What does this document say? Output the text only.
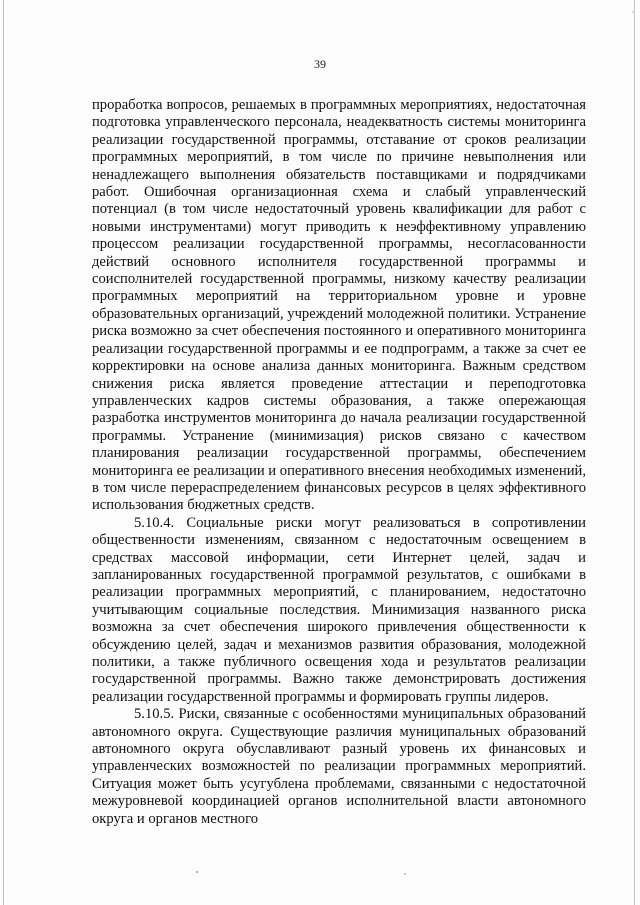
39

проработка вопросов, решаемых в программных мероприятиях, недостаточная подготовка управленческого персонала, неадекватность системы мониторинга реализации государственной программы, отставание от сроков реализации программных мероприятий, в том числе по причине невыполнения или ненадлежащего выполнения обязательств поставщиками и подрядчиками работ. Ошибочная организационная схема и слабый управленческий потенциал (в том числе недостаточный уровень квалификации для работ с новыми инструментами) могут приводить к неэффективному управлению процессом реализации государственной программы, несогласованности действий основного исполнителя государственной программы и соисполнителей государственной программы, низкому качеству реализации программных мероприятий на территориальном уровне и уровне образовательных организаций, учреждений молодежной политики. Устранение риска возможно за счет обеспечения постоянного и оперативного мониторинга реализации государственной программы и ее подпрограмм, а также за счет ее корректировки на основе анализа данных мониторинга. Важным средством снижения риска является проведение аттестации и переподготовка управленческих кадров системы образования, а также опережающая разработка инструментов мониторинга до начала реализации государственной программы. Устранение (минимизация) рисков связано с качеством планирования реализации государственной программы, обеспечением мониторинга ее реализации и оперативного внесения необходимых изменений, в том числе перераспределением финансовых ресурсов в целях эффективного использования бюджетных средств.

5.10.4. Социальные риски могут реализоваться в сопротивлении общественности изменениям, связанном с недостаточным освещением в средствах массовой информации, сети Интернет целей, задач и запланированных государственной программой результатов, с ошибками в реализации программных мероприятий, с планированием, недостаточно учитывающим социальные последствия. Минимизация названного риска возможна за счет обеспечения широкого привлечения общественности к обсуждению целей, задач и механизмов развития образования, молодежной политики, а также публичного освещения хода и результатов реализации государственной программы. Важно также демонстрировать достижения реализации государственной программы и формировать группы лидеров.

5.10.5. Риски, связанные с особенностями муниципальных образований автономного округа. Существующие различия муниципальных образований автономного округа обуславливают разный уровень их финансовых и управленческих возможностей по реализации программных мероприятий. Ситуация может быть усугублена проблемами, связанными с недостаточной межуровневой координацией органов исполнительной власти автономного округа и органов местного
